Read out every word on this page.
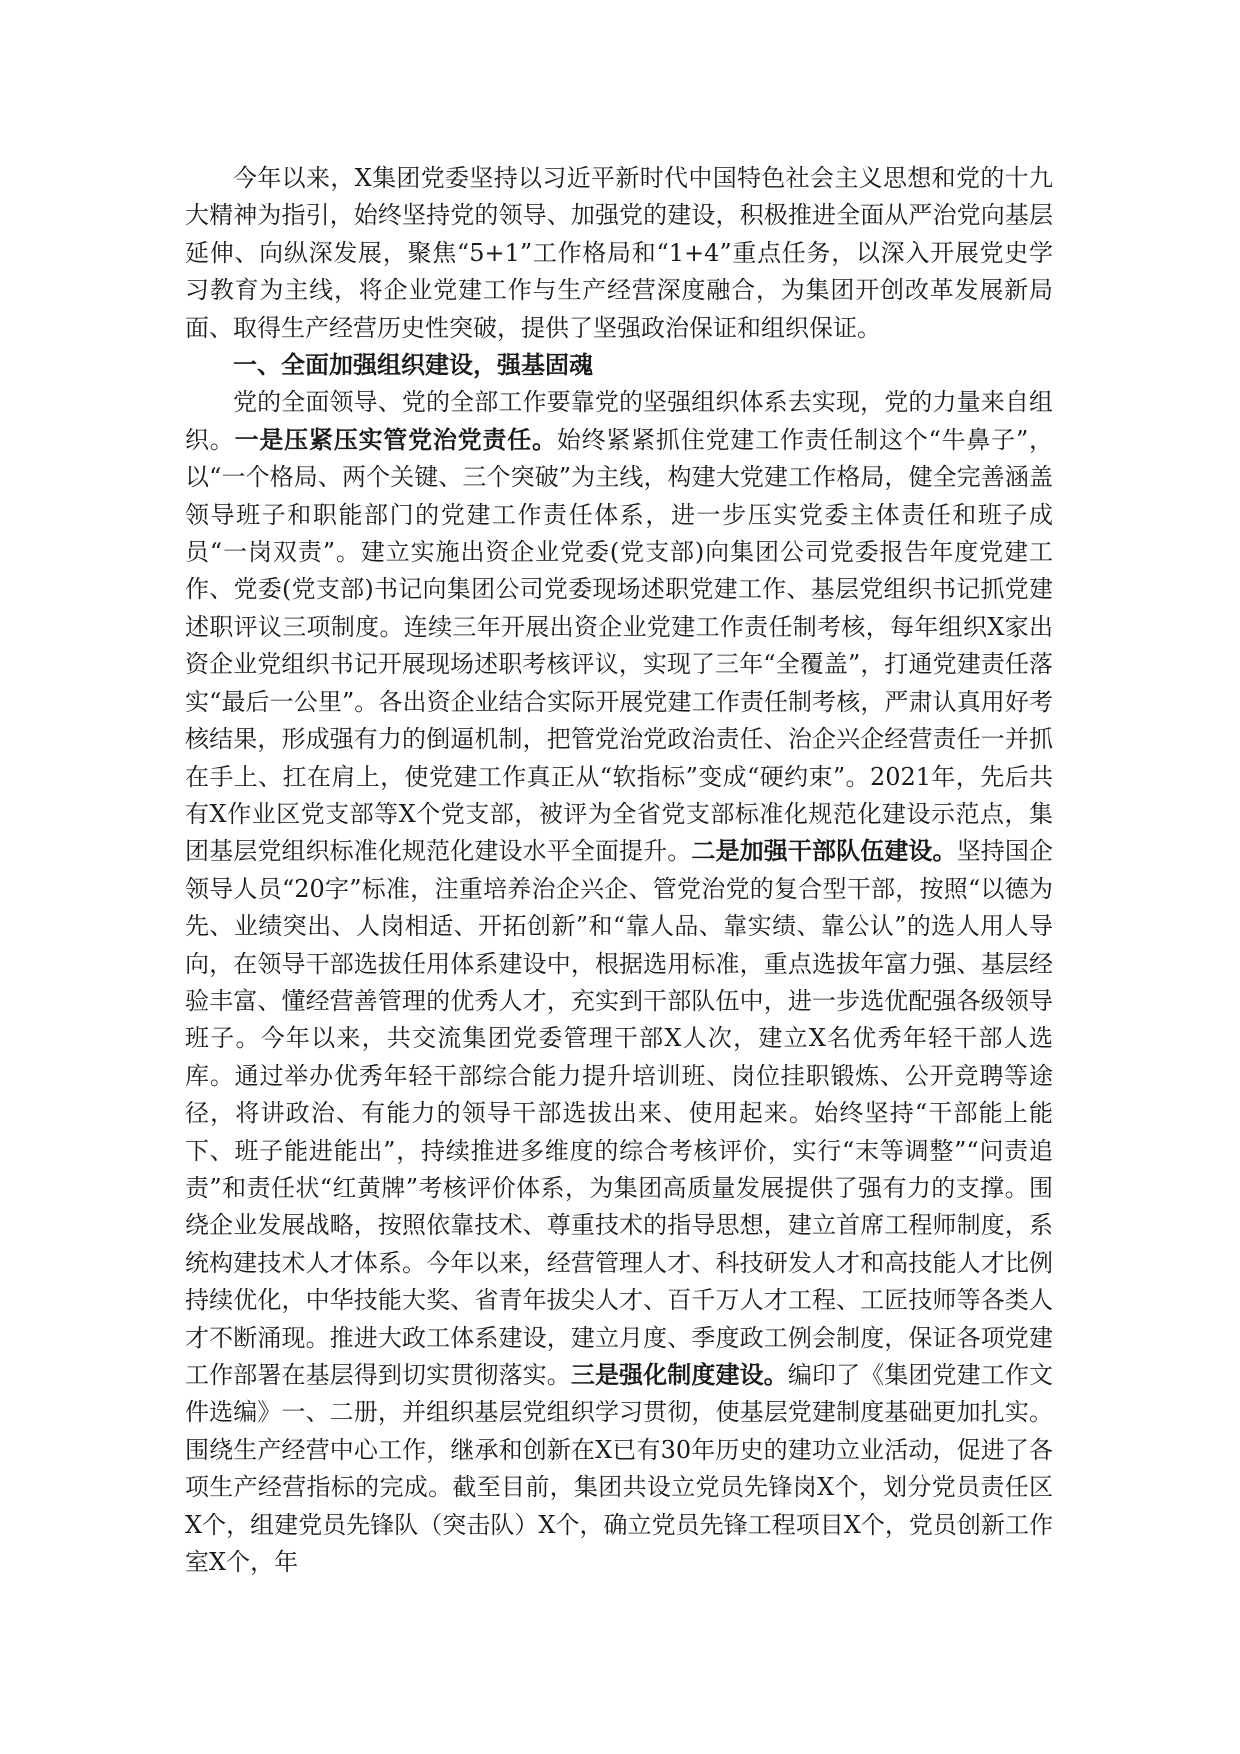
今年以来，X集团党委坚持以习近平新时代中国特色社会主义思想和党的十九大精神为指引，始终坚持党的领导、加强党的建设，积极推进全面从严治党向基层延伸、向纵深发展，聚焦“5+1”工作格局和“1+4”重点任务，以深入开展党史学习教育为主线，将企业党建工作与生产经营深度融合，为集团开创改革发展新局面、取得生产经营历史性突破，提供了坚强政治保证和组织保证。

一、全面加强组织建设，强基固魂

党的全面领导、党的全部工作要靠党的坚强组织体系去实现，党的力量来自组织。一是压紧压实管党治党责任。始终紧紧抓住党建工作责任制这个“牛鼻子”，以“一个格局、两个关键、三个突破”为主线，构建大党建工作格局，健全完善涵盖领导班子和职能部门的党建工作责任体系，进一步压实党委主体责任和班子成员“一岗双责”。建立实施出资企业党委(党支部)向集团公司党委报告年度党建工作、党委(党支部)书记向集团公司党委现场述职党建工作、基层党组织书记抓党建述职评议三项制度。连续三年开展出资企业党建工作责任制考核，每年组织X家出资企业党组织书记开展现场述职考核评议，实现了三年“全覆盖”，打通党建责任落实“最后一公里”。各出资企业结合实际开展党建工作责任制考核，严肃认真用好考核结果，形成强有力的倒逼机制，把管党治党政治责任、治企兴企经营责任一并抓在手上、扛在肩上，使党建工作真正从“软指标”变成“硬约束”。2021年，先后共有X作业区党支部等X个党支部，被评为全省党支部标准化规范化建设示范点，集团基层党组织标准化规范化建设水平全面提升。二是加强干部队伍建设。坚持国企领导人员“20字”标准，注重培养治企兴企、管党治党的复合型干部，按照“以德为先、业绩突出、人岗相适、开拓创新”和“靠人品、靠实绩、靠公认”的选人用人导向，在领导干部选拔任用体系建设中，根据选用标准，重点选拔年富力强、基层经验丰富、懂经营善管理的优秀人才，充实到干部队伍中，进一步选优配强各级领导班子。今年以来，共交流集团党委管理干部X人次，建立X名优秀年轻干部人选库。通过举办优秀年轻干部综合能力提升培训班、岗位挂职锻炼、公开竞聘等途径，将讲政治、有能力的领导干部选拔出来、使用起来。始终坚持“干部能上能下、班子能进能出”，持续推进多维度的综合考核评价，实行“末等调整”“问责追责”和责任状“红黄牌”考核评价体系，为集团高质量发展提供了强有力的支撑。围绕企业发展战略，按照依靠技术、尊重技术的指导思想，建立首席工程师制度，系统构建技术人才体系。今年以来，经营管理人才、科技研发人才和高技能人才比例持续优化，中华技能大奖、省青年拔尖人才、百千万人才工程、工匠技师等各类人才不断涌现。推进大政工体系建设，建立月度、季度政工例会制度，保证各项党建工作部署在基层得到切实贯彻落实。三是强化制度建设。编印了《集团党建工作文件选编》一、二册，并组织基层党组织学习贯彻，使基层党建制度基础更加扎实。围绕生产经营中心工作，继承和创新在X已有30年历史的建功立业活动，促进了各项生产经营指标的完成。截至目前，集团共设立党员先锋岗X个，划分党员责任区X个，组建党员先锋队（突击队）X个，确立党员先锋工程项目X个，党员创新工作室X个，年
